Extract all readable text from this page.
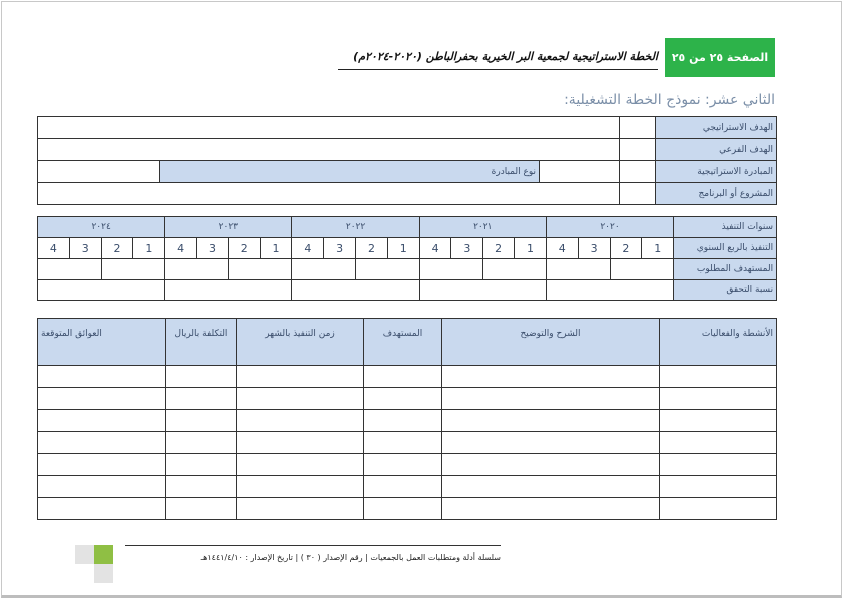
الصفحة ٢٥ من ٢٥
الخطة الاستراتيجية لجمعية البر الخيرية بحفرالباطن (٢٠٢٠-٢٠٢٤م)
الثاني عشر: نموذج الخطة التشغيلية:
الهدف الاستراتيجي				
الهدف الفرعي				
المبادرة الاستراتيجية			نوع المبادرة	
المشروع أو البرنامج				
سنوات التنفيذ	٢٠٢٠				٢٠٢١				٢٠٢٢				٢٠٢٣				٢٠٢٤			
التنفيذ بالربع السنوي	1	2	3	4	1	2	3	4	1	2	3	4	1	2	3	4	1	2	3	4
المستهدف المطلوب																				
نسبة التحقق																				
الأنشطة والفعاليات	الشرح والتوضيح	المستهدف	زمن التنفيذ بالشهر	التكلفة بالريال	العوائق المتوقعة

سلسلة أدلة ومتطلبات العمل بالجمعيات | رقم الإصدار ( ٣٠ ) | تاريخ الإصدار : ١٤٤١/٤/١٠هـ
